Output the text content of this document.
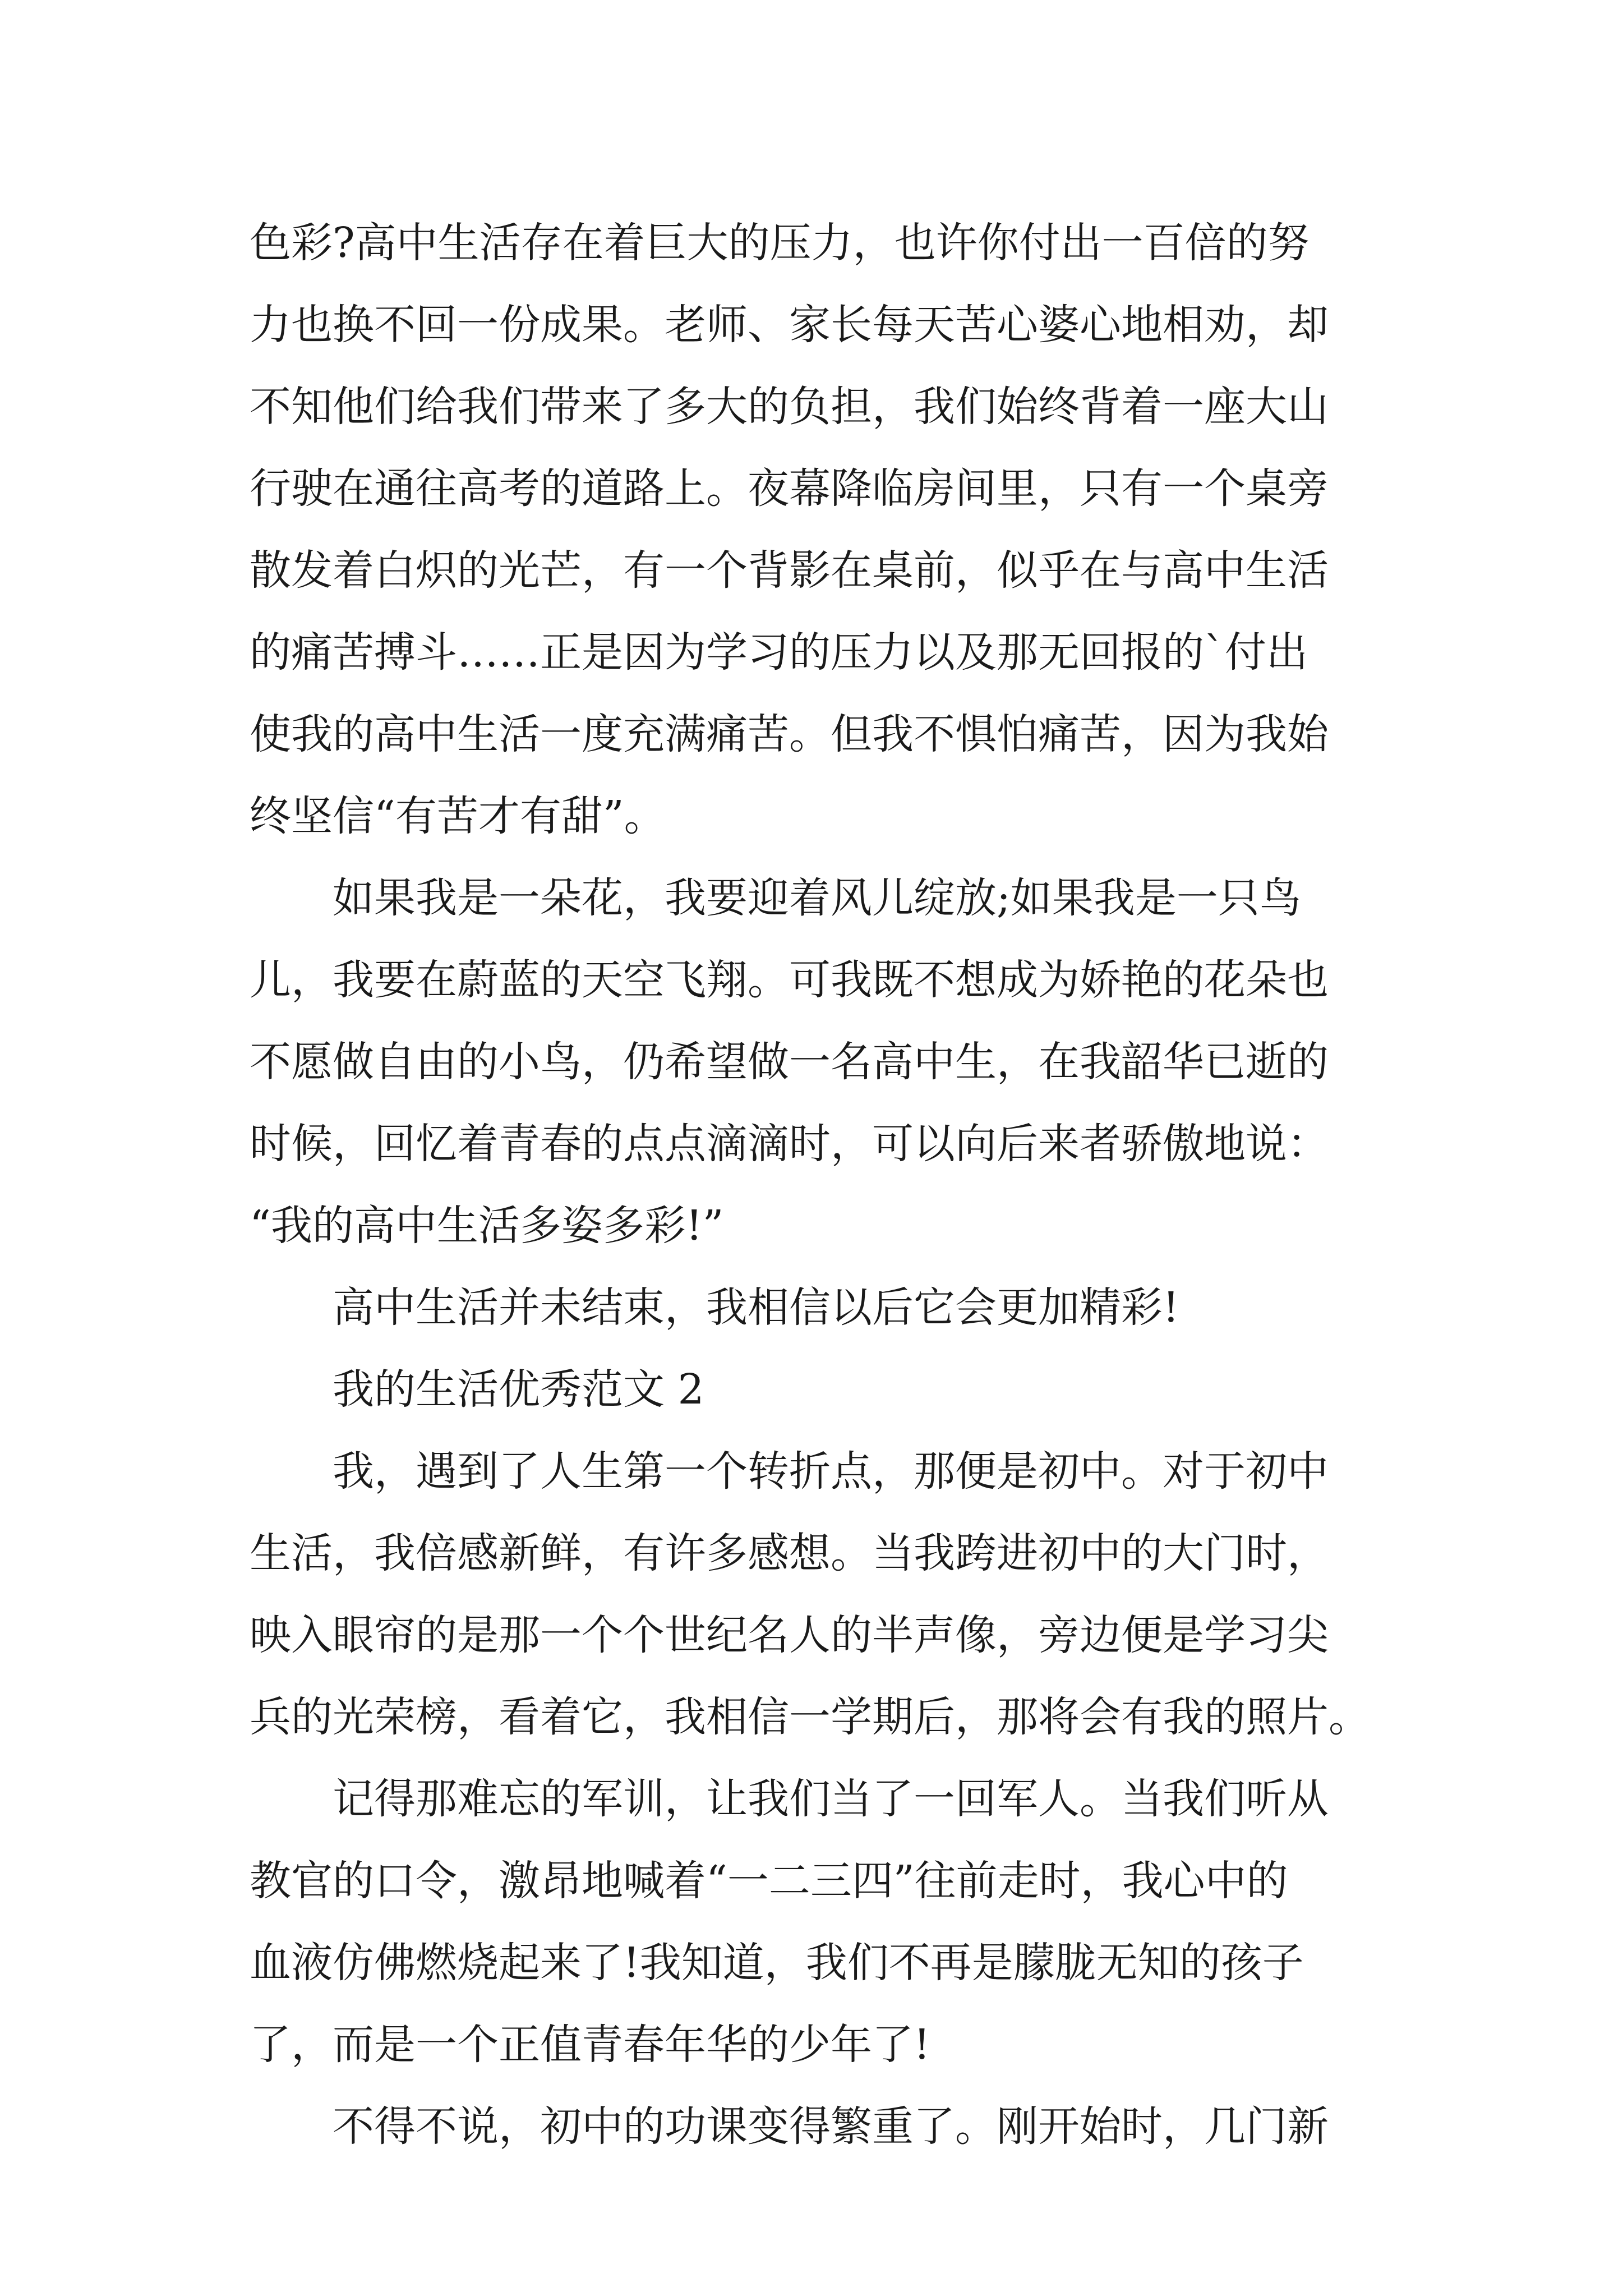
色彩?高中生活存在着巨大的压力，也许你付出一百倍的努
力也换不回一份成果。老师、家长每天苦心婆心地相劝，却
不知他们给我们带来了多大的负担，我们始终背着一座大山
行驶在通往高考的道路上。夜幕降临房间里，只有一个桌旁
散发着白炽的光芒，有一个背影在桌前，似乎在与高中生活
的痛苦搏斗……正是因为学习的压力以及那无回报的`付出
使我的高中生活一度充满痛苦。但我不惧怕痛苦，因为我始
终坚信“有苦才有甜”。
如果我是一朵花，我要迎着风儿绽放;如果我是一只鸟
儿，我要在蔚蓝的天空飞翔。可我既不想成为娇艳的花朵也
不愿做自由的小鸟，仍希望做一名高中生，在我韶华已逝的
时候，回忆着青春的点点滴滴时，可以向后来者骄傲地说：
“我的高中生活多姿多彩!”
高中生活并未结束，我相信以后它会更加精彩!
我的生活优秀范文 2
我，遇到了人生第一个转折点，那便是初中。对于初中
生活，我倍感新鲜，有许多感想。当我跨进初中的大门时，
映入眼帘的是那一个个世纪名人的半声像，旁边便是学习尖
兵的光荣榜，看着它，我相信一学期后，那将会有我的照片。
记得那难忘的军训，让我们当了一回军人。当我们听从
教官的口令，激昂地喊着“一二三四”往前走时，我心中的
血液仿佛燃烧起来了!我知道，我们不再是朦胧无知的孩子
了，而是一个正值青春年华的少年了!
不得不说，初中的功课变得繁重了。刚开始时，几门新
